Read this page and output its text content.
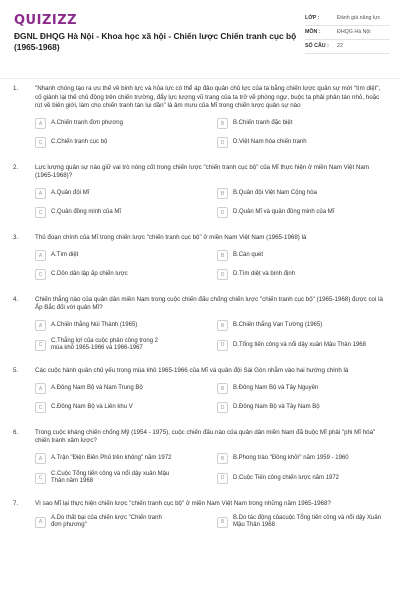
QUIZIZZ
ĐGNL ĐHQG Hà Nội - Khoa học xã hội - Chiến lược Chiến tranh cục bộ (1965-1968)
LỚP :	Đánh giá năng lực
MÔN :	ĐHQG Hà Nội
SỐ CÂU :	22
1.	"Nhanh chóng tạo ra ưu thế về binh lực và hỏa lực có thể áp đảo quân chủ lực của ta bằng chiến lược quân sự mới "tìm diệt", cố giành lại thế chủ động trên chiến trường, đẩy lực lượng vũ trang của ta trở về phòng ngự, buộc ta phải phân tán nhỏ, hoặc rút về biên giới, làm cho chiến tranh tàn lụi dần" là âm mưu của Mĩ trong chiến lược quân sự nào
A	A.Chiến tranh đơn phương	B	B.Chiến tranh đặc biệt
C	C.Chiến tranh cục bộ	D	D.Việt Nam hóa chiến tranh
2.	Lực lượng quân sự nào giữ vai trò nòng cốt trong chiến lược "chiến tranh cục bộ" của Mĩ thực hiện ở miền Nam Việt Nam (1965-1968)?
A	A.Quân đội Mĩ	B	B.Quân đội Việt Nam Cộng hòa
C	C.Quân đồng minh của Mĩ	D	D.Quân Mĩ và quân đồng minh của Mĩ
3.	Thủ đoạn chính của Mĩ trong chiến lược "chiến tranh cục bộ" ở miền Nam Việt Nam (1965-1968) là
A	A.Tìm diệt	B	B.Càn quét
C	C.Dồn dân lập ấp chiến lược	D	D.Tìm diệt và bình định
4.	Chiến thắng nào của quân dân miền Nam trong cuộc chiến đấu chống chiến lược "chiến tranh cục bộ" (1965-1968) được coi là Ấp Bắc đối với quân Mĩ?
A	A.Chiến thắng Núi Thành (1965)	B	B.Chiến thắng Vạn Tường (1965)
C
C.Thắng lợi của cuộc phản công trong 2 mùa khô 1965-1966 và 1966-1967	D	D.Tổng tiến công và nổi dậy xuân Mậu Thân 1968
5.	Các cuộc hành quân chủ yếu trong mùa khô 1965-1966 của Mĩ và quân đội Sài Gòn nhằm vào hai hướng chính là
A	A.Đông Nam Bộ và Nam Trung Bộ	B	B.Đông Nam Bộ và Tây Nguyên
C	C.Đông Nam Bộ và Liên khu V	D	D.Đông Nam Bộ và Tây Nam Bộ
6.	Trong cuộc kháng chiến chống Mỹ (1954 - 1975), cuộc chiến đấu nào của quân dân miền Nam đã buộc Mĩ phải "phi Mĩ hóa" chiến tranh xâm lược?
A	A.Trận "Điện Biên Phủ trên không" năm 1972	B	B.Phong trào "Đồng khởi" năm 1959 - 1960
C
C.Cuộc Tổng tiến công và nổi dậy xuân Mậu Thân năm 1968	D	D.Cuộc Tiến công chiến lược năm 1972
7.	Vì sao Mĩ lại thực hiện chiến lược "chiến tranh cục bộ" ở miền Nam Việt Nam trong những năm 1965-1968?
A
A.Do thất bại của chiến lược "Chiến tranh đơn phương"	B
B.Do tác động củacuộc Tổng tiến công và nổi dậy Xuân Mậu Thân 1968
